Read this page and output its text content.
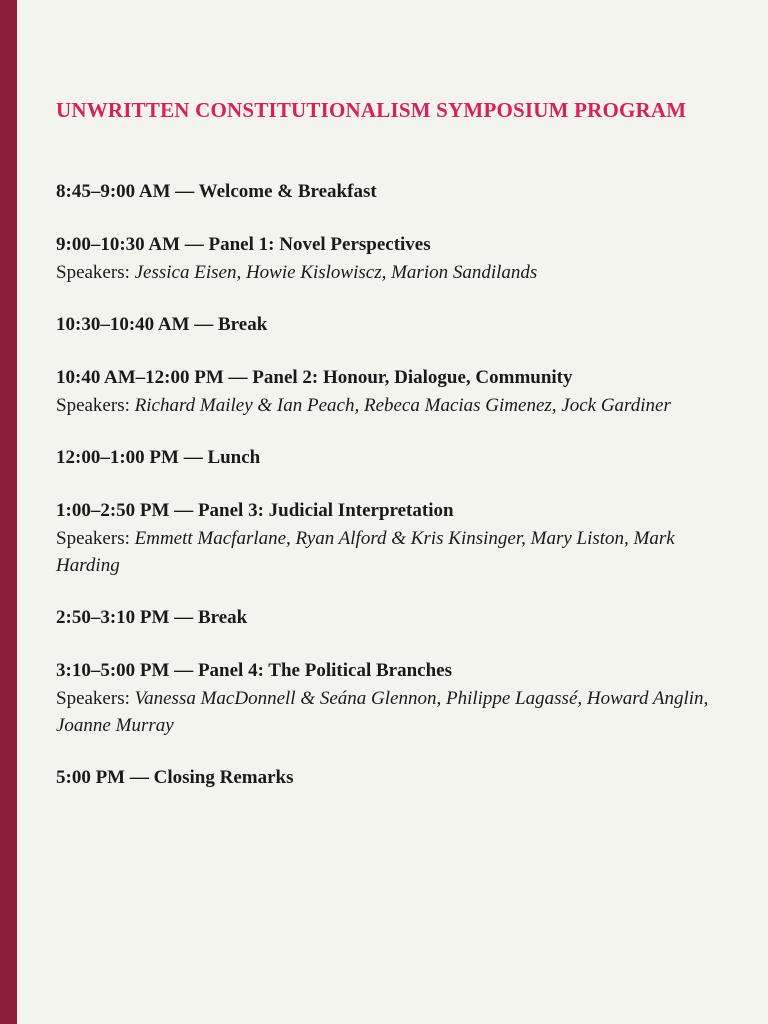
UNWRITTEN CONSTITUTIONALISM SYMPOSIUM PROGRAM
8:45–9:00 AM — Welcome & Breakfast
9:00–10:30 AM — Panel 1: Novel Perspectives
Speakers: Jessica Eisen, Howie Kislowiscz, Marion Sandilands
10:30–10:40 AM — Break
10:40 AM–12:00 PM — Panel 2: Honour, Dialogue, Community
Speakers: Richard Mailey & Ian Peach, Rebeca Macias Gimenez, Jock Gardiner
12:00–1:00 PM — Lunch
1:00–2:50 PM — Panel 3: Judicial Interpretation
Speakers: Emmett Macfarlane, Ryan Alford & Kris Kinsinger, Mary Liston, Mark Harding
2:50–3:10 PM — Break
3:10–5:00 PM — Panel 4: The Political Branches
Speakers: Vanessa MacDonnell & Seána Glennon, Philippe Lagassé, Howard Anglin, Joanne Murray
5:00 PM — Closing Remarks
